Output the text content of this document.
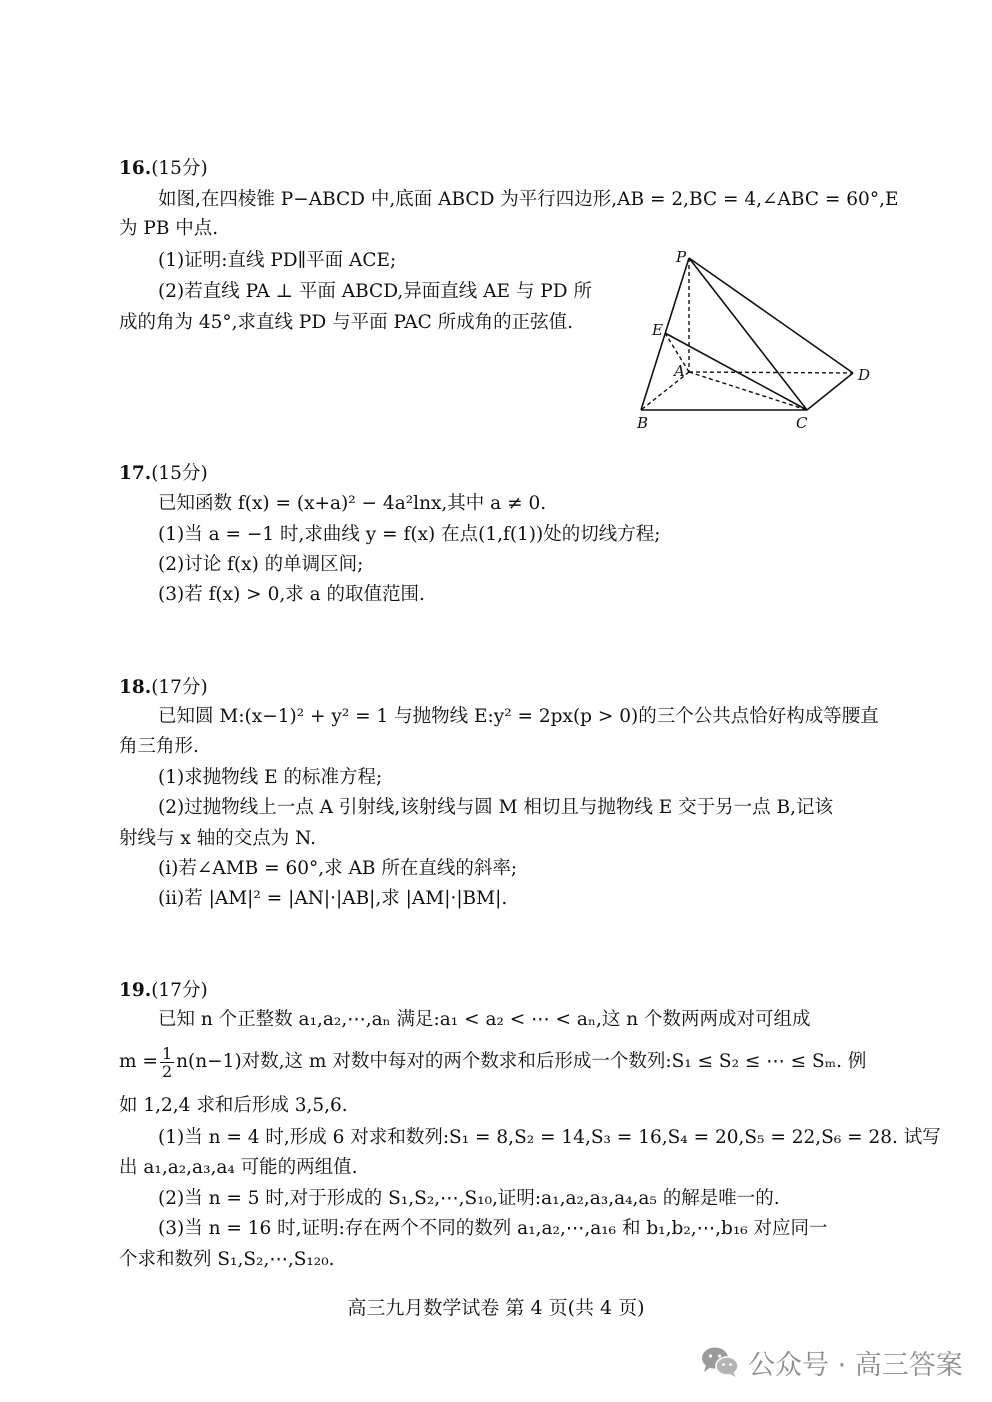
16.(15分)
如图,在四棱锥 P−ABCD 中,底面 ABCD 为平行四边形,AB = 2,BC = 4,∠ABC = 60°,E
为 PB 中点.
(1)证明:直线 PD∥平面 ACE;
(2)若直线 PA ⊥ 平面 ABCD,异面直线 AE 与 PD 所
成的角为 45°,求直线 PD 与平面 PAC 所成角的正弦值.
P
E
A	D
B	C
17.(15分)
已知函数 f(x) = (x+a)² − 4a²lnx,其中 a ≠ 0.
(1)当 a = −1 时,求曲线 y = f(x) 在点(1,f(1))处的切线方程;
(2)讨论 f(x) 的单调区间;
(3)若 f(x) > 0,求 a 的取值范围.
18.(17分)
已知圆 M:(x−1)² + y² = 1 与抛物线 E:y² = 2px(p > 0)的三个公共点恰好构成等腰直
角三角形.
(1)求抛物线 E 的标准方程;
(2)过抛物线上一点 A 引射线,该射线与圆 M 相切且与抛物线 E 交于另一点 B,记该
射线与 x 轴的交点为 N.
(i)若∠AMB = 60°,求 AB 所在直线的斜率;
(ii)若 |AM|² = |AN|·|AB|,求 |AM|·|BM|.
19.(17分)
已知 n 个正整数 a₁,a₂,⋯,aₙ 满足:a₁ < a₂ < ⋯ < aₙ,这 n 个数两两成对可组成
$m = \frac{1}{2} n(n-1)$对数,这 m 对数中每对的两个数求和后形成一个数列:S₁ ≤ S₂ ≤ ⋯ ≤ Sₘ. 例
如 1,2,4 求和后形成 3,5,6.
(1)当 n = 4 时,形成 6 对求和数列:S₁ = 8,S₂ = 14,S₃ = 16,S₄ = 20,S₅ = 22,S₆ = 28. 试写
出 a₁,a₂,a₃,a₄ 可能的两组值.
(2)当 n = 5 时,对于形成的 S₁,S₂,⋯,S₁₀,证明:a₁,a₂,a₃,a₄,a₅ 的解是唯一的.
(3)当 n = 16 时,证明:存在两个不同的数列 a₁,a₂,⋯,a₁₆ 和 b₁,b₂,⋯,b₁₆ 对应同一
个求和数列 S₁,S₂,⋯,S₁₂₀.
高三九月数学试卷 第 4 页(共 4 页)
公众号 · 高三答案
